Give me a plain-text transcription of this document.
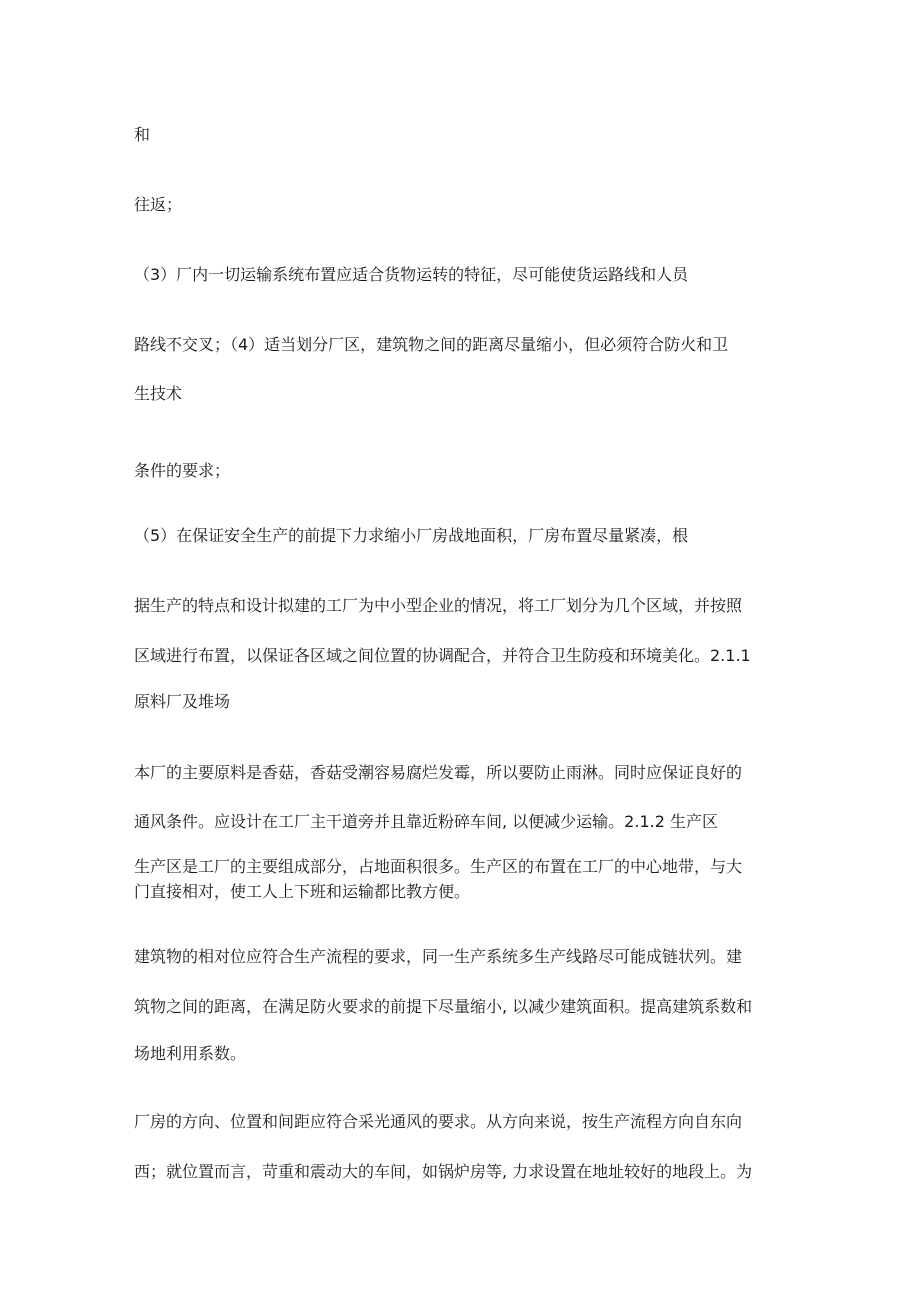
和

往返；

（3）厂内一切运输系统布置应适合货物运转的特征，尽可能使货运路线和人员

路线不交叉；（4）适当划分厂区，建筑物之间的距离尽量缩小，但必须符合防火和卫

生技术

条件的要求；

（5）在保证安全生产的前提下力求缩小厂房战地面积，厂房布置尽量紧凑，根

据生产的特点和设计拟建的工厂为中小型企业的情况，将工厂划分为几个区域，并按照

区域进行布置，以保证各区域之间位置的协调配合，并符合卫生防疫和环境美化。2.1.1

原料厂及堆场

本厂的主要原料是香菇，香菇受潮容易腐烂发霉，所以要防止雨淋。同时应保证良好的

通风条件。应设计在工厂主干道旁并且靠近粉碎车间, 以便减少运输。2.1.2 生产区

生产区是工厂的主要组成部分，占地面积很多。生产区的布置在工厂的中心地带，与大

门直接相对，使工人上下班和运输都比教方便。

建筑物的相对位应符合生产流程的要求，同一生产系统多生产线路尽可能成链状列。建

筑物之间的距离，在满足防火要求的前提下尽量缩小, 以减少建筑面积。提高建筑系数和

场地利用系数。

厂房的方向、位置和间距应符合采光通风的要求。从方向来说，按生产流程方向自东向

西；就位置而言，苛重和震动大的车间，如锅炉房等, 力求设置在地址较好的地段上。为
